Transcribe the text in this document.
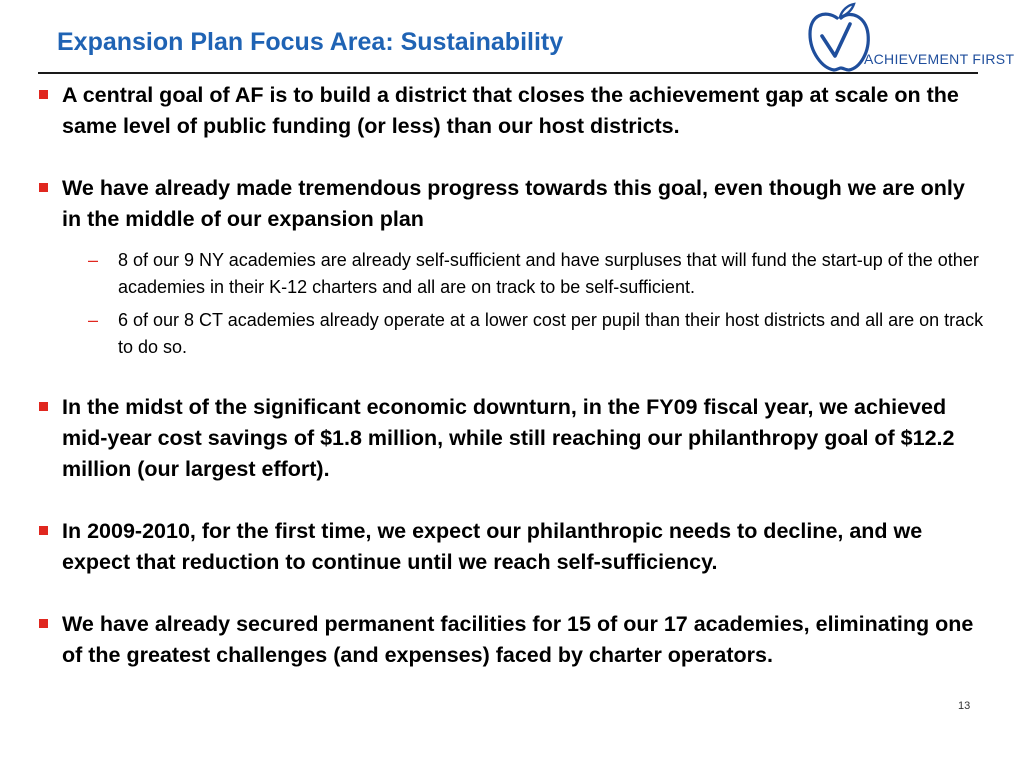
Expansion Plan Focus Area: Sustainability
ACHIEVEMENT FIRST
A central goal of AF is to build a district that closes the achievement gap at scale on the same level of public funding (or less) than our host districts.
We have already made tremendous progress towards this goal, even though we are only in the middle of our expansion plan
– 8 of our 9 NY academies are already self-sufficient and have surpluses that will fund the start-up of the other academies in their K-12 charters and all are on track to be self-sufficient.
– 6 of our 8 CT academies already operate at a lower cost per pupil than their host districts and all are on track to do so.
In the midst of the significant economic downturn, in the FY09 fiscal year, we achieved mid-year cost savings of $1.8 million, while still reaching our philanthropy goal of $12.2 million (our largest effort).
In 2009-2010, for the first time, we expect our philanthropic needs to decline, and we expect that reduction to continue until we reach self-sufficiency.
We have already secured permanent facilities for 15 of our 17 academies, eliminating one of the greatest challenges (and expenses) faced by charter operators.
13
